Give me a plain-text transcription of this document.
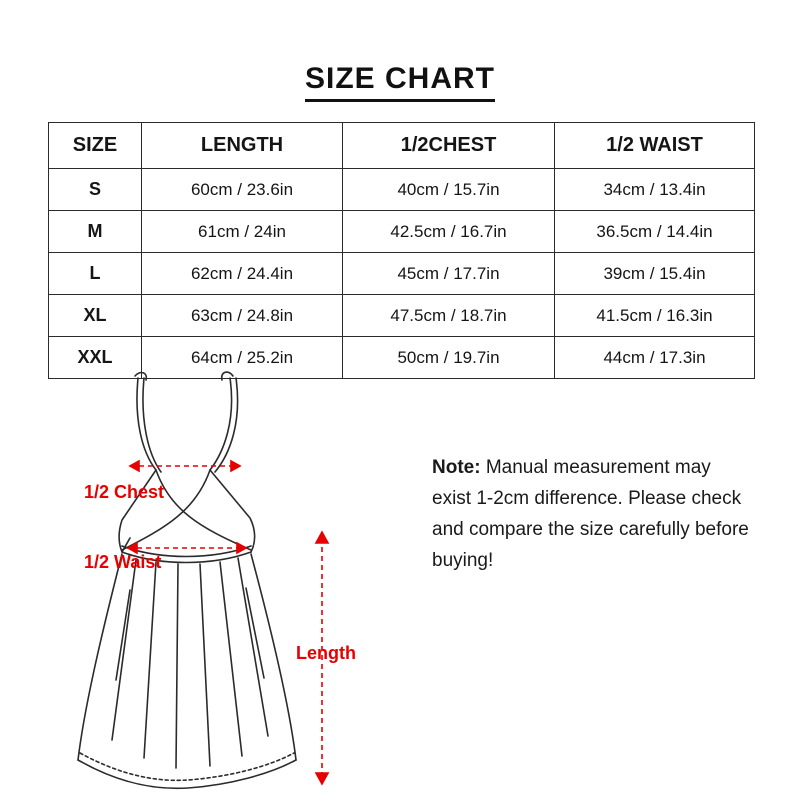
SIZE CHART
SIZE	LENGTH	1/2CHEST	1/2 WAIST
S	60cm / 23.6in	40cm / 15.7in	34cm / 13.4in
M	61cm / 24in	42.5cm / 16.7in	36.5cm / 14.4in
L	62cm / 24.4in	45cm / 17.7in	39cm / 15.4in
XL	63cm / 24.8in	47.5cm / 18.7in	41.5cm / 16.3in
XXL	64cm / 25.2in	50cm / 19.7in	44cm / 17.3in
Note: Manual measurement may exist 1-2cm difference. Please check and compare the size carefully before buying!
1/2 Chest
1/2 Waist
Length
